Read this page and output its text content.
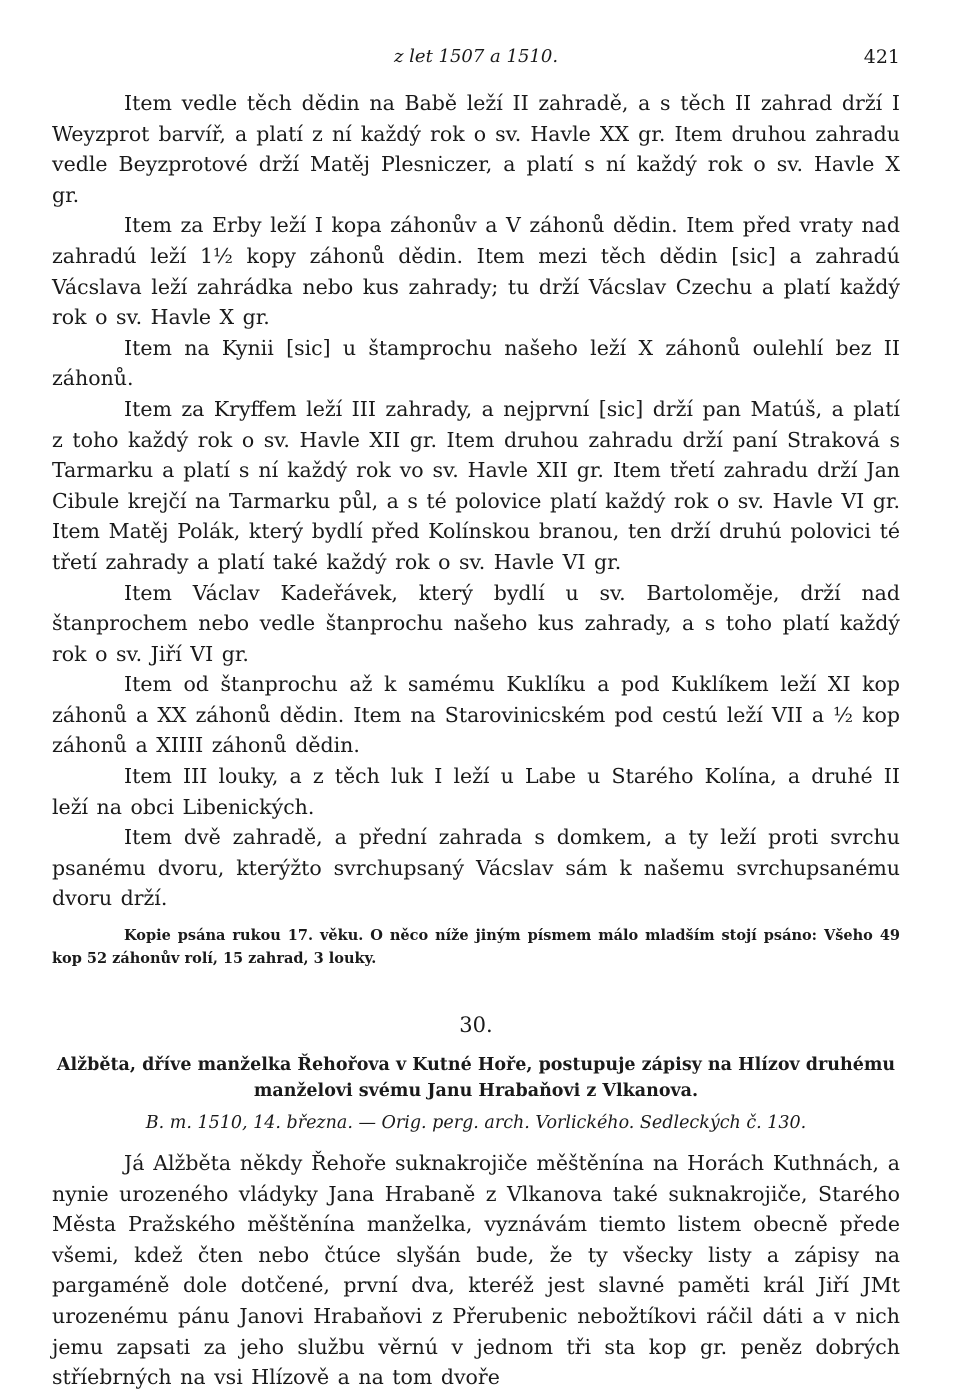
z let 1507 a 1510.	421

Item vedle těch dědin na Babě leží II zahradě, a s těch II zahrad drží I Weyzprot barvíř, a platí z ní každý rok o sv. Havle XX gr. Item druhou zahradu vedle Beyzprotové drží Matěj Plesniczer, a platí s ní každý rok o sv. Havle X gr.

Item za Erby leží I kopa záhonův a V záhonů dědin. Item před vraty nad zahradú leží 1½ kopy záhonů dědin. Item mezi těch dědin [sic] a zahradú Vácslava leží zahrádka nebo kus zahrady; tu drží Vácslav Czechu a platí každý rok o sv. Havle X gr.

Item na Kynii [sic] u štamprochu našeho leží X záhonů oulehlí bez II záhonů.

Item za Kryffem leží III zahrady, a nejprvní [sic] drží pan Matúš, a platí z toho každý rok o sv. Havle XII gr. Item druhou zahradu drží paní Straková s Tarmarku a platí s ní každý rok vo sv. Havle XII gr. Item třetí zahradu drží Jan Cibule krejčí na Tarmarku půl, a s té polovice platí každý rok o sv. Havle VI gr. Item Matěj Polák, který bydlí před Kolínskou branou, ten drží druhú polovici té třetí zahrady a platí také každý rok o sv. Havle VI gr.

Item Václav Kadeřávek, který bydlí u sv. Bartoloměje, drží nad štanprochem nebo vedle štanprochu našeho kus zahrady, a s toho platí každý rok o sv. Jiří VI gr.

Item od štanprochu až k samému Kuklíku a pod Kuklíkem leží XI kop záhonů a XX záhonů dědin. Item na Starovinicském pod cestú leží VII a ½ kop záhonů a XIIII záhonů dědin.

Item III louky, a z těch luk I leží u Labe u Starého Kolína, a druhé II leží na obci Libenických.

Item dvě zahradě, a přední zahrada s domkem, a ty leží proti svrchu psanému dvoru, kterýžto svrchupsaný Vácslav sám k našemu svrchupsanému dvoru drží.

Kopie psána rukou 17. věku. O něco níže jiným písmem málo mladším stojí psáno: Všeho 49 kop 52 záhonův rolí, 15 zahrad, 3 louky.

30.
Alžběta, dříve manželka Řehořova v Kutné Hoře, postupuje zápisy na Hlízov druhému manželovi svému Janu Hrabaňovi z Vlkanova.
B. m. 1510, 14. března. — Orig. perg. arch. Vorlického. Sedleckých č. 130.

Já Alžběta někdy Řehoře suknakrojiče měštěnína na Horách Kuthnách, a nynie urozeného vládyky Jana Hrabaně z Vlkanova také suknakrojiče, Starého Města Pražského měštěnína manželka, vyznávám tiemto listem obecně přede všemi, kdež čten nebo čtúce slyšán bude, že ty všecky listy a zápisy na pargaméně dole dotčené, první dva, kteréž jest slavné paměti král Jiří JMt urozenému pánu Janovi Hrabaňovi z Přerubenic nebožtíkovi ráčil dáti a v nich jemu zapsati za jeho službu věrnú v jednom tři sta kop gr. peněz dobrých stříebrných na vsi Hlízově a na tom dvoře
